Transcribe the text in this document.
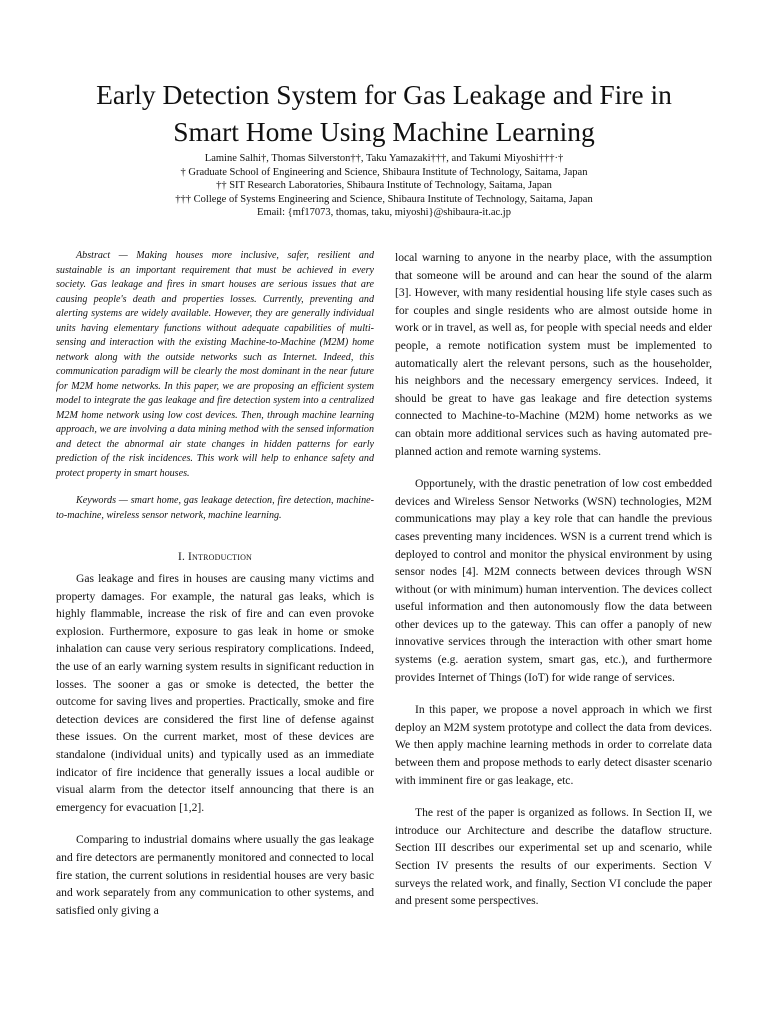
Early Detection System for Gas Leakage and Fire in
Smart Home Using Machine Learning
Lamine Salhi†, Thomas Silverston††, Taku Yamazaki†††, and Takumi Miyoshi†††·†
† Graduate School of Engineering and Science, Shibaura Institute of Technology, Saitama, Japan
†† SIT Research Laboratories, Shibaura Institute of Technology, Saitama, Japan
††† College of Systems Engineering and Science, Shibaura Institute of Technology, Saitama, Japan
Email: {mf17073, thomas, taku, miyoshi}@shibaura-it.ac.jp

Abstract — Making houses more inclusive, safer, resilient and sustainable is an important requirement that must be achieved in every society. Gas leakage and fires in smart houses are serious issues that are causing people's death and properties losses. Currently, preventing and alerting systems are widely available. However, they are generally individual units having elementary functions without adequate capabilities of multi-sensing and interaction with the existing Machine-to-Machine (M2M) home network along with the outside networks such as Internet. Indeed, this communication paradigm will be clearly the most dominant in the near future for M2M home networks. In this paper, we are proposing an efficient system model to integrate the gas leakage and fire detection system into a centralized M2M home network using low cost devices. Then, through machine learning approach, we are involving a data mining method with the sensed information and detect the abnormal air state changes in hidden patterns for early prediction of the risk incidences. This work will help to enhance safety and protect property in smart houses.

Keywords — smart home, gas leakage detection, fire detection, machine-to-machine, wireless sensor network, machine learning.

I. Introduction

Gas leakage and fires in houses are causing many victims and property damages. For example, the natural gas leaks, which is highly flammable, increase the risk of fire and can even provoke explosion. Furthermore, exposure to gas leak in home or smoke inhalation can cause very serious respiratory complications. Indeed, the use of an early warning system results in significant reduction in losses. The sooner a gas or smoke is detected, the better the outcome for saving lives and properties. Practically, smoke and fire detection devices are considered the first line of defense against these issues. On the current market, most of these devices are standalone (individual units) and typically used as an immediate indicator of fire incidence that generally issues a local audible or visual alarm from the detector itself announcing that there is an emergency for evacuation [1,2].

Comparing to industrial domains where usually the gas leakage and fire detectors are permanently monitored and connected to local fire station, the current solutions in residential houses are very basic and work separately from any communication to other systems, and satisfied only giving a

local warning to anyone in the nearby place, with the assumption that someone will be around and can hear the sound of the alarm [3]. However, with many residential housing life style cases such as for couples and single residents who are almost outside home in work or in travel, as well as, for people with special needs and elder people, a remote notification system must be implemented to automatically alert the relevant persons, such as the householder, his neighbors and the necessary emergency services. Indeed, it should be great to have gas leakage and fire detection systems connected to Machine-to-Machine (M2M) home networks as we can obtain more additional services such as having automated pre-planned action and remote warning systems.

Opportunely, with the drastic penetration of low cost embedded devices and Wireless Sensor Networks (WSN) technologies, M2M communications may play a key role that can handle the previous cases preventing many incidences. WSN is a current trend which is deployed to control and monitor the physical environment by using sensor nodes [4]. M2M connects between devices through WSN without (or with minimum) human intervention. The devices collect useful information and then autonomously flow the data between other devices up to the gateway. This can offer a panoply of new innovative services through the interaction with other smart home systems (e.g. aeration system, smart gas, etc.), and furthermore provides Internet of Things (IoT) for wide range of services.

In this paper, we propose a novel approach in which we first deploy an M2M system prototype and collect the data from devices. We then apply machine learning methods in order to correlate data between them and propose methods to early detect disaster scenario with imminent fire or gas leakage, etc.

The rest of the paper is organized as follows. In Section II, we introduce our Architecture and describe the dataflow structure. Section III describes our experimental set up and scenario, while Section IV presents the results of our experiments. Section V surveys the related work, and finally, Section VI conclude the paper and present some perspectives.
